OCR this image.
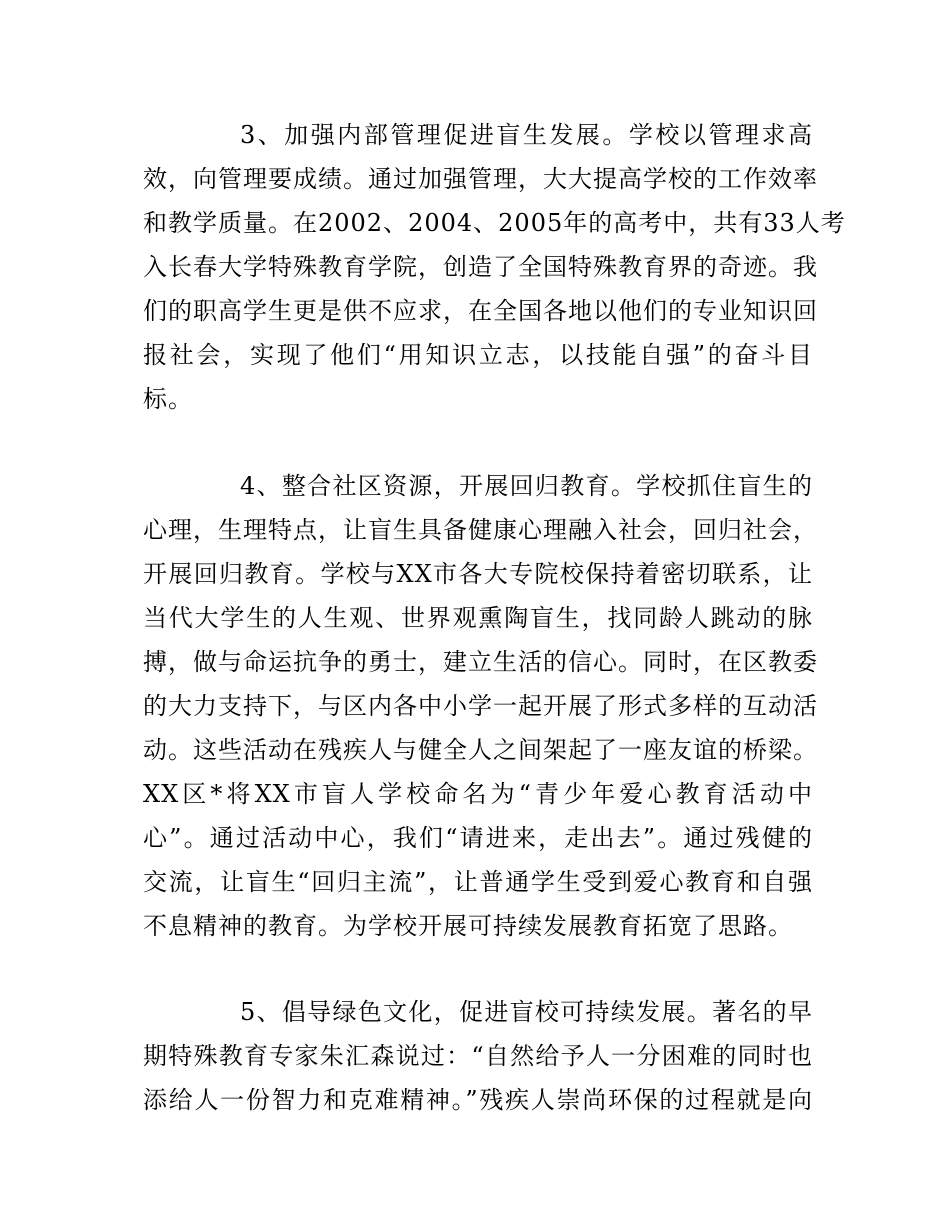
3、加强内部管理促进盲生发展。学校以管理求高
效，向管理要成绩。通过加强管理，大大提高学校的工作效率
和教学质量。在2002、2004、2005年的高考中，共有33人考
入长春大学特殊教育学院，创造了全国特殊教育界的奇迹。我
们的职高学生更是供不应求，在全国各地以他们的专业知识回
报社会，实现了他们“用知识立志，以技能自强”的奋斗目
标。
4、整合社区资源，开展回归教育。学校抓住盲生的
心理，生理特点，让盲生具备健康心理融入社会，回归社会，
开展回归教育。学校与XX市各大专院校保持着密切联系，让
当代大学生的人生观、世界观熏陶盲生，找同龄人跳动的脉
搏，做与命运抗争的勇士，建立生活的信心。同时，在区教委
的大力支持下，与区内各中小学一起开展了形式多样的互动活
动。这些活动在残疾人与健全人之间架起了一座友谊的桥梁。
XX区*将XX市盲人学校命名为“青少年爱心教育活动中
心”。通过活动中心，我们“请进来，走出去”。通过残健的
交流，让盲生“回归主流”，让普通学生受到爱心教育和自强
不息精神的教育。为学校开展可持续发展教育拓宽了思路。
5、倡导绿色文化，促进盲校可持续发展。著名的早
期特殊教育专家朱汇森说过：“自然给予人一分困难的同时也
添给人一份智力和克难精神。”残疾人崇尚环保的过程就是向
